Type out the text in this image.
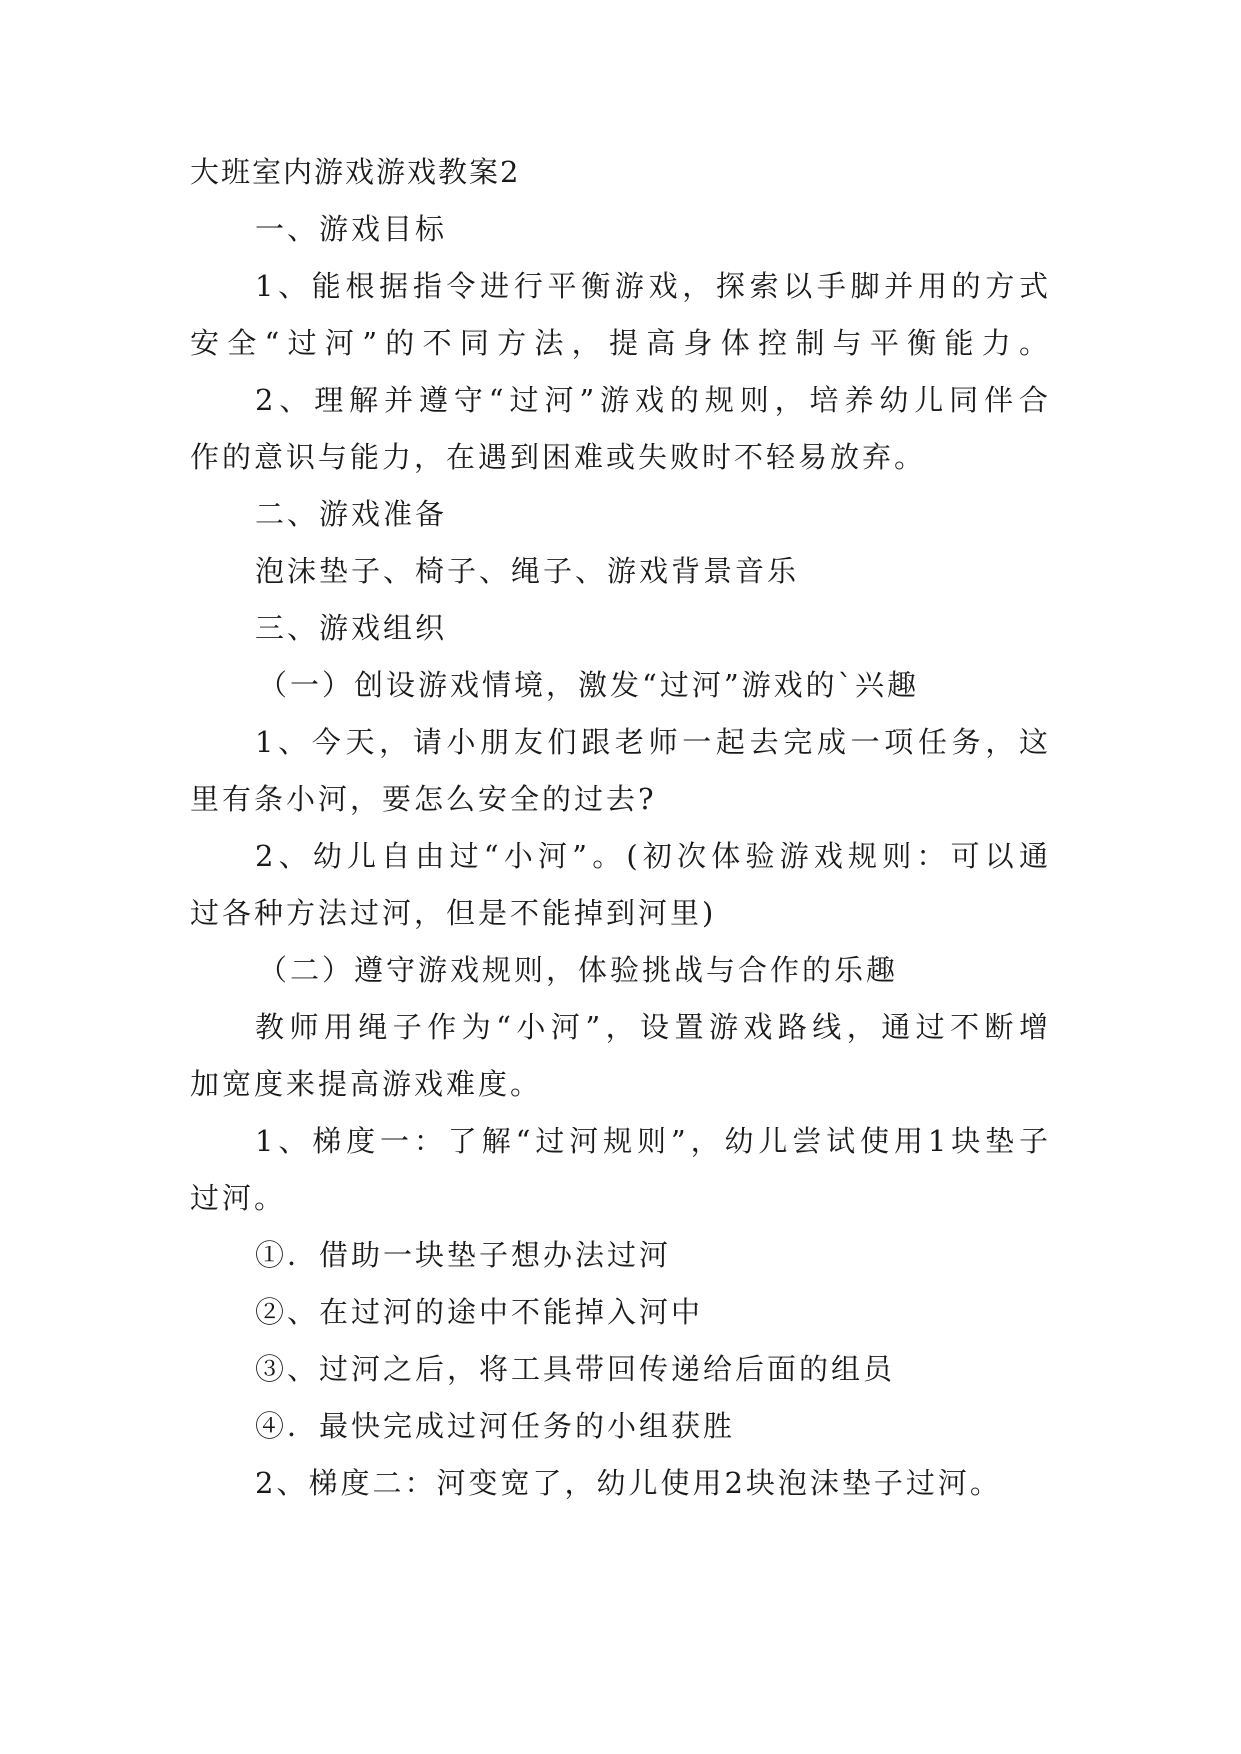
大班室内游戏游戏教案2
一、游戏目标
1、能根据指令进行平衡游戏，探索以手脚并用的方式
安全“过河”的不同方法，提高身体控制与平衡能力。
2、理解并遵守“过河”游戏的规则，培养幼儿同伴合
作的意识与能力，在遇到困难或失败时不轻易放弃。
二、游戏准备
泡沫垫子、椅子、绳子、游戏背景音乐
三、游戏组织
（一）创设游戏情境，激发“过河”游戏的`兴趣
1、今天，请小朋友们跟老师一起去完成一项任务，这
里有条小河，要怎么安全的过去?
2、幼儿自由过“小河”。(初次体验游戏规则：可以通
过各种方法过河，但是不能掉到河里)
（二）遵守游戏规则，体验挑战与合作的乐趣
教师用绳子作为“小河”，设置游戏路线，通过不断增
加宽度来提高游戏难度。
1、梯度一：了解“过河规则”，幼儿尝试使用1块垫子
过河。
①．借助一块垫子想办法过河
②、在过河的途中不能掉入河中
③、过河之后，将工具带回传递给后面的组员
④．最快完成过河任务的小组获胜
2、梯度二：河变宽了，幼儿使用2块泡沫垫子过河。
